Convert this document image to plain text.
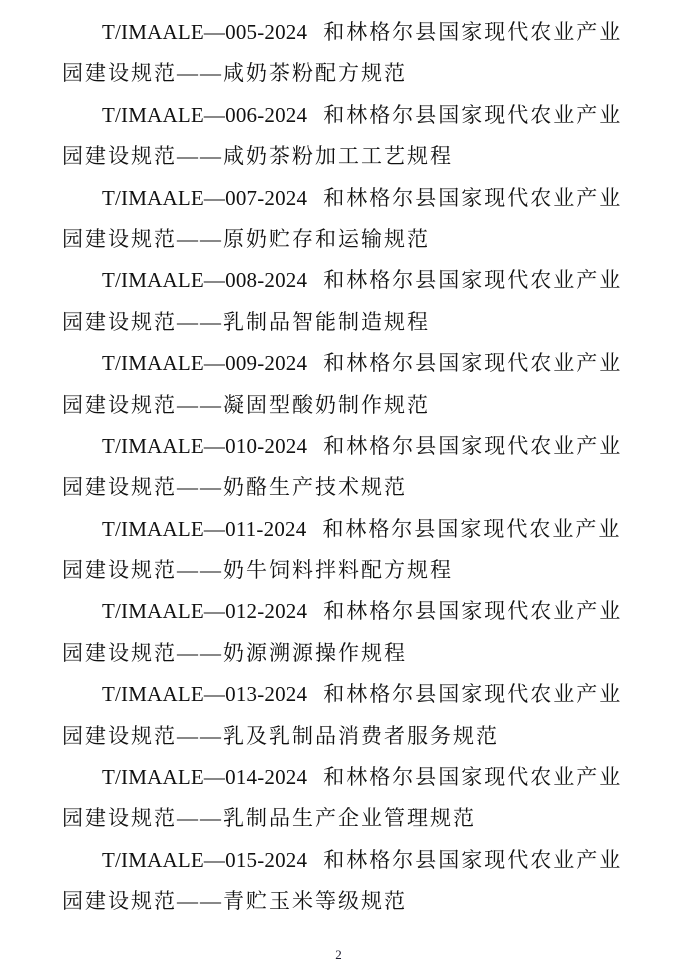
T/IMAALE—005-2024 和林格尔县国家现代农业产业
园建设规范——咸奶茶粉配方规范
T/IMAALE—006-2024 和林格尔县国家现代农业产业
园建设规范——咸奶茶粉加工工艺规程
T/IMAALE—007-2024 和林格尔县国家现代农业产业
园建设规范——原奶贮存和运输规范
T/IMAALE—008-2024 和林格尔县国家现代农业产业
园建设规范——乳制品智能制造规程
T/IMAALE—009-2024 和林格尔县国家现代农业产业
园建设规范——凝固型酸奶制作规范
T/IMAALE—010-2024 和林格尔县国家现代农业产业
园建设规范——奶酪生产技术规范
T/IMAALE—011-2024 和林格尔县国家现代农业产业
园建设规范——奶牛饲料拌料配方规程
T/IMAALE—012-2024 和林格尔县国家现代农业产业
园建设规范——奶源溯源操作规程
T/IMAALE—013-2024 和林格尔县国家现代农业产业
园建设规范——乳及乳制品消费者服务规范
T/IMAALE—014-2024 和林格尔县国家现代农业产业
园建设规范——乳制品生产企业管理规范
T/IMAALE—015-2024 和林格尔县国家现代农业产业
园建设规范——青贮玉米等级规范
2
